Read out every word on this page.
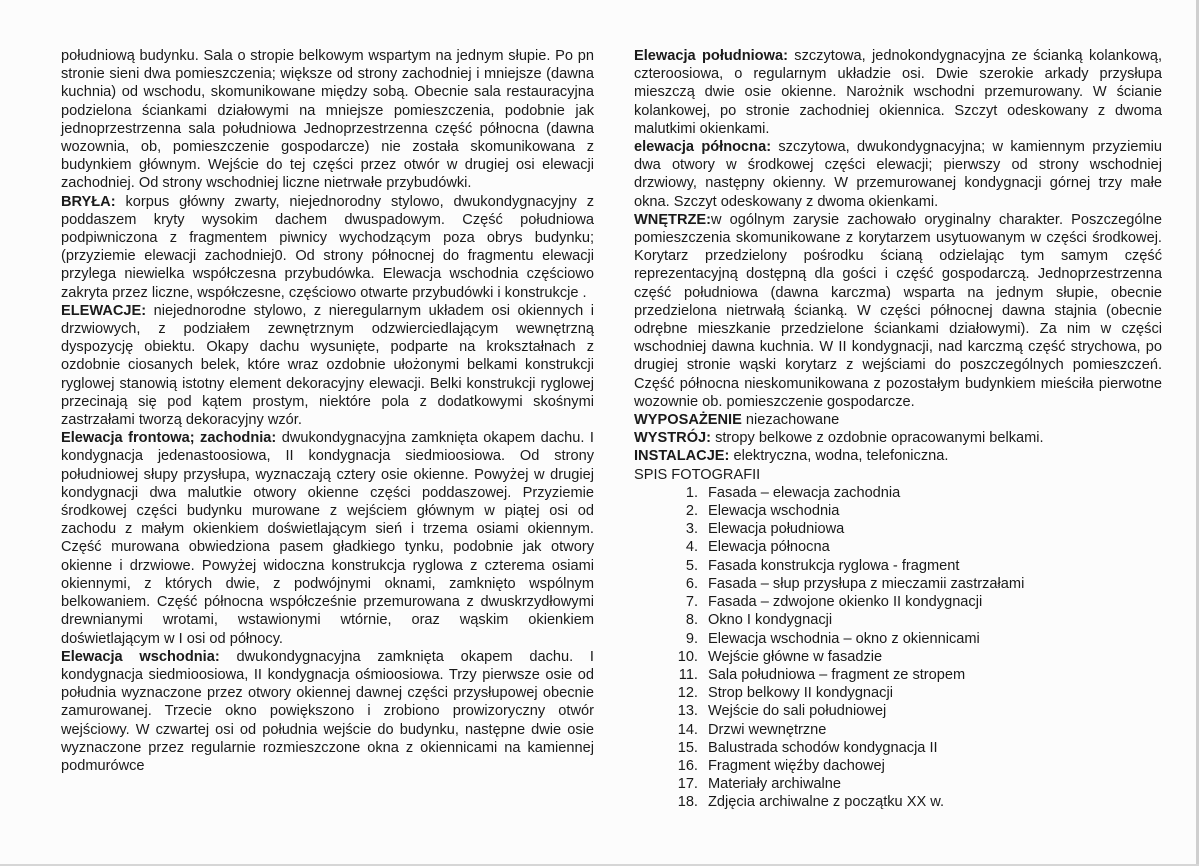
południową budynku. Sala o stropie belkowym wspartym na jednym słupie. Po pn stronie sieni dwa pomieszczenia; większe od strony zachodniej i mniejsze (dawna kuchnia) od wschodu, skomunikowane między sobą. Obecnie sala restauracyjna podzielona ściankami działowymi na mniejsze pomieszczenia, podobnie jak jednoprzestrzenna sala południowa Jednoprzestrzenna część północna (dawna wozownia, ob, pomieszczenie gospodarcze) nie została skomunikowana z budynkiem głównym. Wejście do tej części przez otwór w drugiej osi elewacji zachodniej. Od strony wschodniej liczne nietrwałe przybudówki.

BRYŁA: korpus główny zwarty, niejednorodny stylowo, dwukondygnacyjny z poddaszem kryty wysokim dachem dwuspadowym. Część południowa podpiwniczona z fragmentem piwnicy wychodzącym poza obrys budynku; (przyziemie elewacji zachodniej0. Od strony północnej do fragmentu elewacji przylega niewielka współczesna przybudówka. Elewacja wschodnia częściowo zakryta przez liczne, współczesne, częściowo otwarte przybudówki i konstrukcje .

ELEWACJE: niejednorodne stylowo, z nieregularnym układem osi okiennych i drzwiowych, z podziałem zewnętrznym odzwierciedlającym wewnętrzną dyspozycję obiektu. Okapy dachu wysunięte, podparte na krokształnach z ozdobnie ciosanych belek, które wraz ozdobnie ułożonymi belkami konstrukcji ryglowej stanowią istotny element dekoracyjny elewacji. Belki konstrukcji ryglowej przecinają się pod kątem prostym, niektóre pola z dodatkowymi skośnymi zastrzałami tworzą dekoracyjny wzór.

Elewacja frontowa; zachodnia: dwukondygnacyjna zamknięta okapem dachu. I kondygnacja jedenastoosiowa, II kondygnacja siedmioosiowa. Od strony południowej słupy przysłupa, wyznaczają cztery osie okienne. Powyżej w drugiej kondygnacji dwa malutkie otwory okienne części poddaszowej. Przyziemie środkowej części budynku murowane z wejściem głównym w piątej osi od zachodu z małym okienkiem doświetlającym sień i trzema osiami okiennym. Część murowana obwiedziona pasem gładkiego tynku, podobnie jak otwory okienne i drzwiowe. Powyżej widoczna konstrukcja ryglowa z czterema osiami okiennymi, z których dwie, z podwójnymi oknami, zamknięto wspólnym belkowaniem. Część północna współcześnie przemurowana z dwuskrzydłowymi drewnianymi wrotami, wstawionymi wtórnie, oraz wąskim okienkiem doświetlającym w I osi od północy.

Elewacja wschodnia: dwukondygnacyjna zamknięta okapem dachu. I kondygnacja siedmioosiowa, II kondygnacja ośmioosiowa. Trzy pierwsze osie od południa wyznaczone przez otwory okiennej dawnej części przysłupowej obecnie zamurowanej. Trzecie okno powiększono i zrobiono prowizoryczny otwór wejściowy. W czwartej osi od południa wejście do budynku, następne dwie osie wyznaczone przez regularnie rozmieszczone okna z okiennicami na kamiennej podmurówce

Elewacja południowa: szczytowa, jednokondygnacyjna ze ścianką kolankową, czteroosiowa, o regularnym układzie osi. Dwie szerokie arkady przysłupa mieszczą dwie osie okienne. Narożnik wschodni przemurowany. W ścianie kolankowej, po stronie zachodniej okiennica. Szczyt odeskowany z dwoma malutkimi okienkami.

elewacja północna: szczytowa, dwukondygnacyjna; w kamiennym przyziemiu dwa otwory w środkowej części elewacji; pierwszy od strony wschodniej drzwiowy, następny okienny. W przemurowanej kondygnacji górnej trzy małe okna. Szczyt odeskowany z dwoma okienkami.

WNĘTRZE:w ogólnym zarysie zachowało oryginalny charakter. Poszczególne pomieszczenia skomunikowane z korytarzem usytuowanym w części środkowej. Korytarz przedzielony pośrodku ścianą odzielając tym samym część reprezentacyjną dostępną dla gości i część gospodarczą. Jednoprzestrzenna część południowa (dawna karczma) wsparta na jednym słupie, obecnie przedzielona nietrwałą ścianką. W części północnej dawna stajnia (obecnie odrębne mieszkanie przedzielone ściankami działowymi). Za nim w części wschodniej dawna kuchnia. W II kondygnacji, nad karczmą część strychowa, po drugiej stronie wąski korytarz z wejściami do poszczególnych pomieszczeń. Część północna nieskomunikowana z pozostałym budynkiem mieściła pierwotne wozownie ob. pomieszczenie gospodarcze.

WYPOSAŻENIE niezachowane

WYSTRÓJ: stropy belkowe z ozdobnie opracowanymi belkami.

INSTALACJE: elektryczna, wodna, telefoniczna.

SPIS FOTOGRAFII

1. Fasada – elewacja zachodnia
2. Elewacja wschodnia
3. Elewacja południowa
4. Elewacja północna
5. Fasada konstrukcja ryglowa - fragment
6. Fasada – słup przysłupa z mieczamii zastrzałami
7. Fasada – zdwojone okienko II kondygnacji
8. Okno I kondygnacji
9. Elewacja wschodnia – okno z okiennicami
10. Wejście główne w fasadzie
11. Sala południowa – fragment ze stropem
12. Strop belkowy II kondygnacji
13. Wejście do sali południowej
14. Drzwi wewnętrzne
15. Balustrada schodów kondygnacja II
16. Fragment więźby dachowej
17. Materiały archiwalne
18. Zdjęcia archiwalne z początku XX w.
